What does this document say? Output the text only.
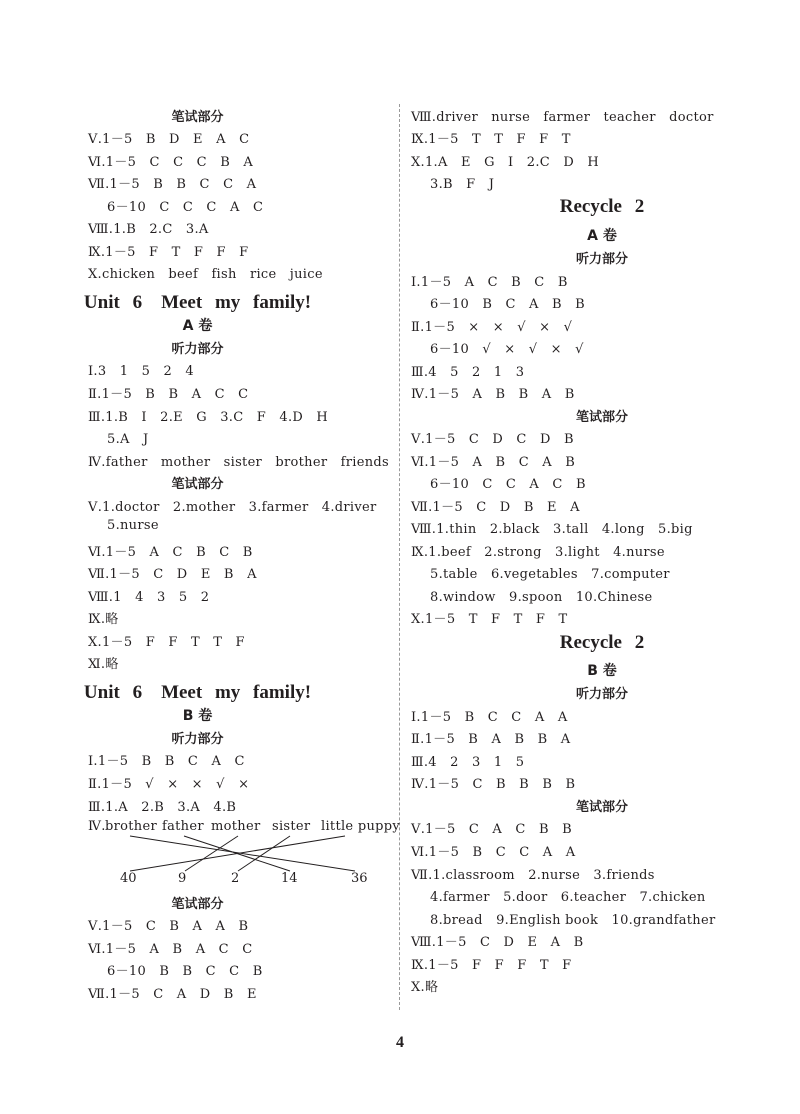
笔试部分
Ⅴ.1－5　B　D　E　A　C
Ⅵ.1－5　C　C　C　B　A
Ⅶ.1－5　B　B　C　C　A
6－10　C　C　C　A　C
Ⅷ.1.B　2.C　3.A
Ⅸ.1－5　F　T　F　F　F
Ⅹ.chicken　beef　fish　rice　juice
Unit 6　Meet my family!
A 卷
听力部分
Ⅰ.3　1　5　2　4
Ⅱ.1－5　B　B　A　C　C
Ⅲ.1.B　I　2.E　G　3.C　F　4.D　H
5.A　J
Ⅳ.father　mother　sister　brother　friends
笔试部分
Ⅴ.1.doctor　2.mother　3.farmer　4.driver
5.nurse
Ⅵ.1－5　A　C　B　C　B
Ⅶ.1－5　C　D　E　B　A
Ⅷ.1　4　3　5　2
Ⅸ.略
Ⅹ.1－5　F　F　T　T　F
Ⅺ.略
Unit 6　Meet my family!
B 卷
听力部分
Ⅰ.1－5　B　B　C　A　C
Ⅱ.1－5　√　×　×　√　×
Ⅲ.1.A　2.B　3.A　4.B
Ⅳ. brother father mother sister little puppy
40	9	2	14	36
笔试部分
Ⅴ.1－5　C　B　A　A　B
Ⅵ.1－5　A　B　A　C　C
6－10　B　B　C　C　B
Ⅶ.1－5　C　A　D　B　E
Ⅷ.driver　nurse　farmer　teacher　doctor
Ⅸ.1－5　T　T　F　F　T
Ⅹ.1.A　E　G　I　2.C　D　H
3.B　F　J
Recycle 2
A 卷
听力部分
Ⅰ.1－5　A　C　B　C　B
6－10　B　C　A　B　B
Ⅱ.1－5　×　×　√　×　√
6－10　√　×　√　×　√
Ⅲ.4　5　2　1　3
Ⅳ.1－5　A　B　B　A　B
笔试部分
Ⅴ.1－5　C　D　C　D　B
Ⅵ.1－5　A　B　C　A　B
6－10　C　C　A　C　B
Ⅶ.1－5　C　D　B　E　A
Ⅷ.1.thin　2.black　3.tall　4.long　5.big
Ⅸ.1.beef　2.strong　3.light　4.nurse
5.table　6.vegetables　7.computer
8.window　9.spoon　10.Chinese
Ⅹ.1－5　T　F　T　F　T
Recycle 2
B 卷
听力部分
Ⅰ.1－5　B　C　C　A　A
Ⅱ.1－5　B　A　B　B　A
Ⅲ.4　2　3　1　5
Ⅳ.1－5　C　B　B　B　B
笔试部分
Ⅴ.1－5　C　A　C　B　B
Ⅵ.1－5　B　C　C　A　A
Ⅶ.1.classroom　2.nurse　3.friends
4.farmer　5.door　6.teacher　7.chicken
8.bread　9.English book　10.grandfather
Ⅷ.1－5　C　D　E　A　B
Ⅸ.1－5　F　F　F　T　F
Ⅹ.略
4
